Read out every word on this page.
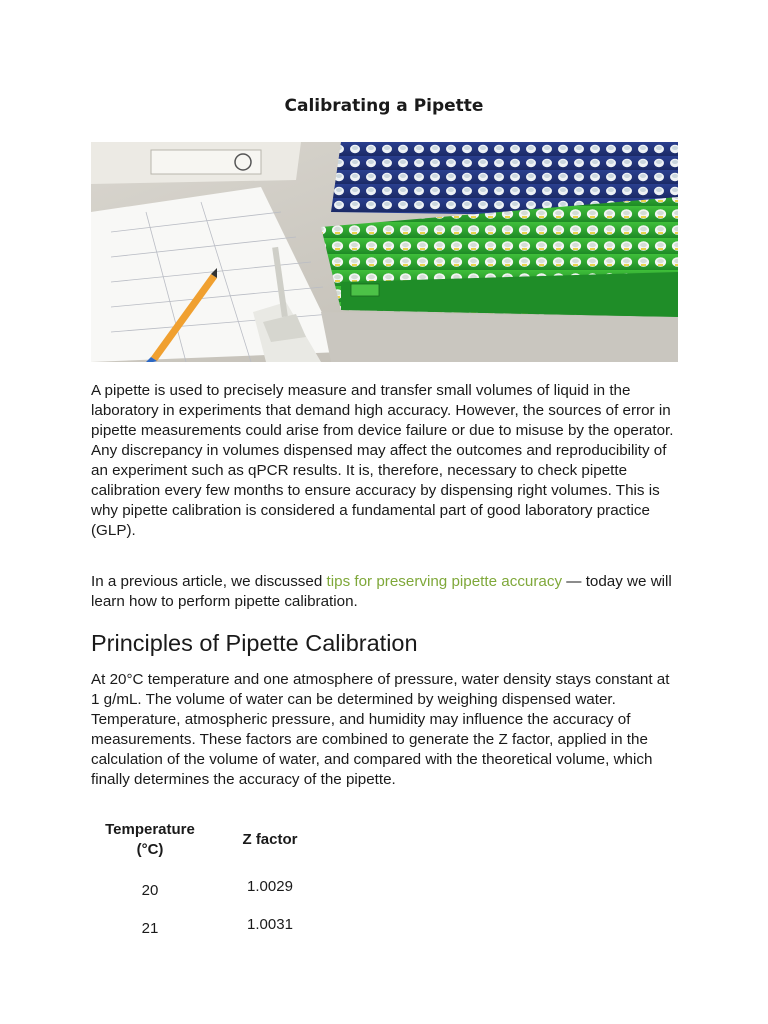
Calibrating a Pipette

A pipette is used to precisely measure and transfer small volumes of liquid in the laboratory in experiments that demand high accuracy. However, the sources of error in pipette measurements could arise from device failure or due to misuse by the operator. Any discrepancy in volumes dispensed may affect the outcomes and reproducibility of an experiment such as qPCR results. It is, therefore, necessary to check pipette calibration every few months to ensure accuracy by dispensing right volumes. This is why pipette calibration is considered a fundamental part of good laboratory practice (GLP).

In a previous article, we discussed tips for preserving pipette accuracy — today we will learn how to perform pipette calibration.

Principles of Pipette Calibration

At 20°C temperature and one atmosphere of pressure, water density stays constant at 1 g/mL. The volume of water can be determined by weighing dispensed water. Temperature, atmospheric pressure, and humidity may influence the accuracy of measurements. These factors are combined to generate the Z factor, applied in the calculation of the volume of water, and compared with the theoretical volume, which finally determines the accuracy of the pipette.

Temperature (°C)	Z factor
20	1.0029
21	1.0031
